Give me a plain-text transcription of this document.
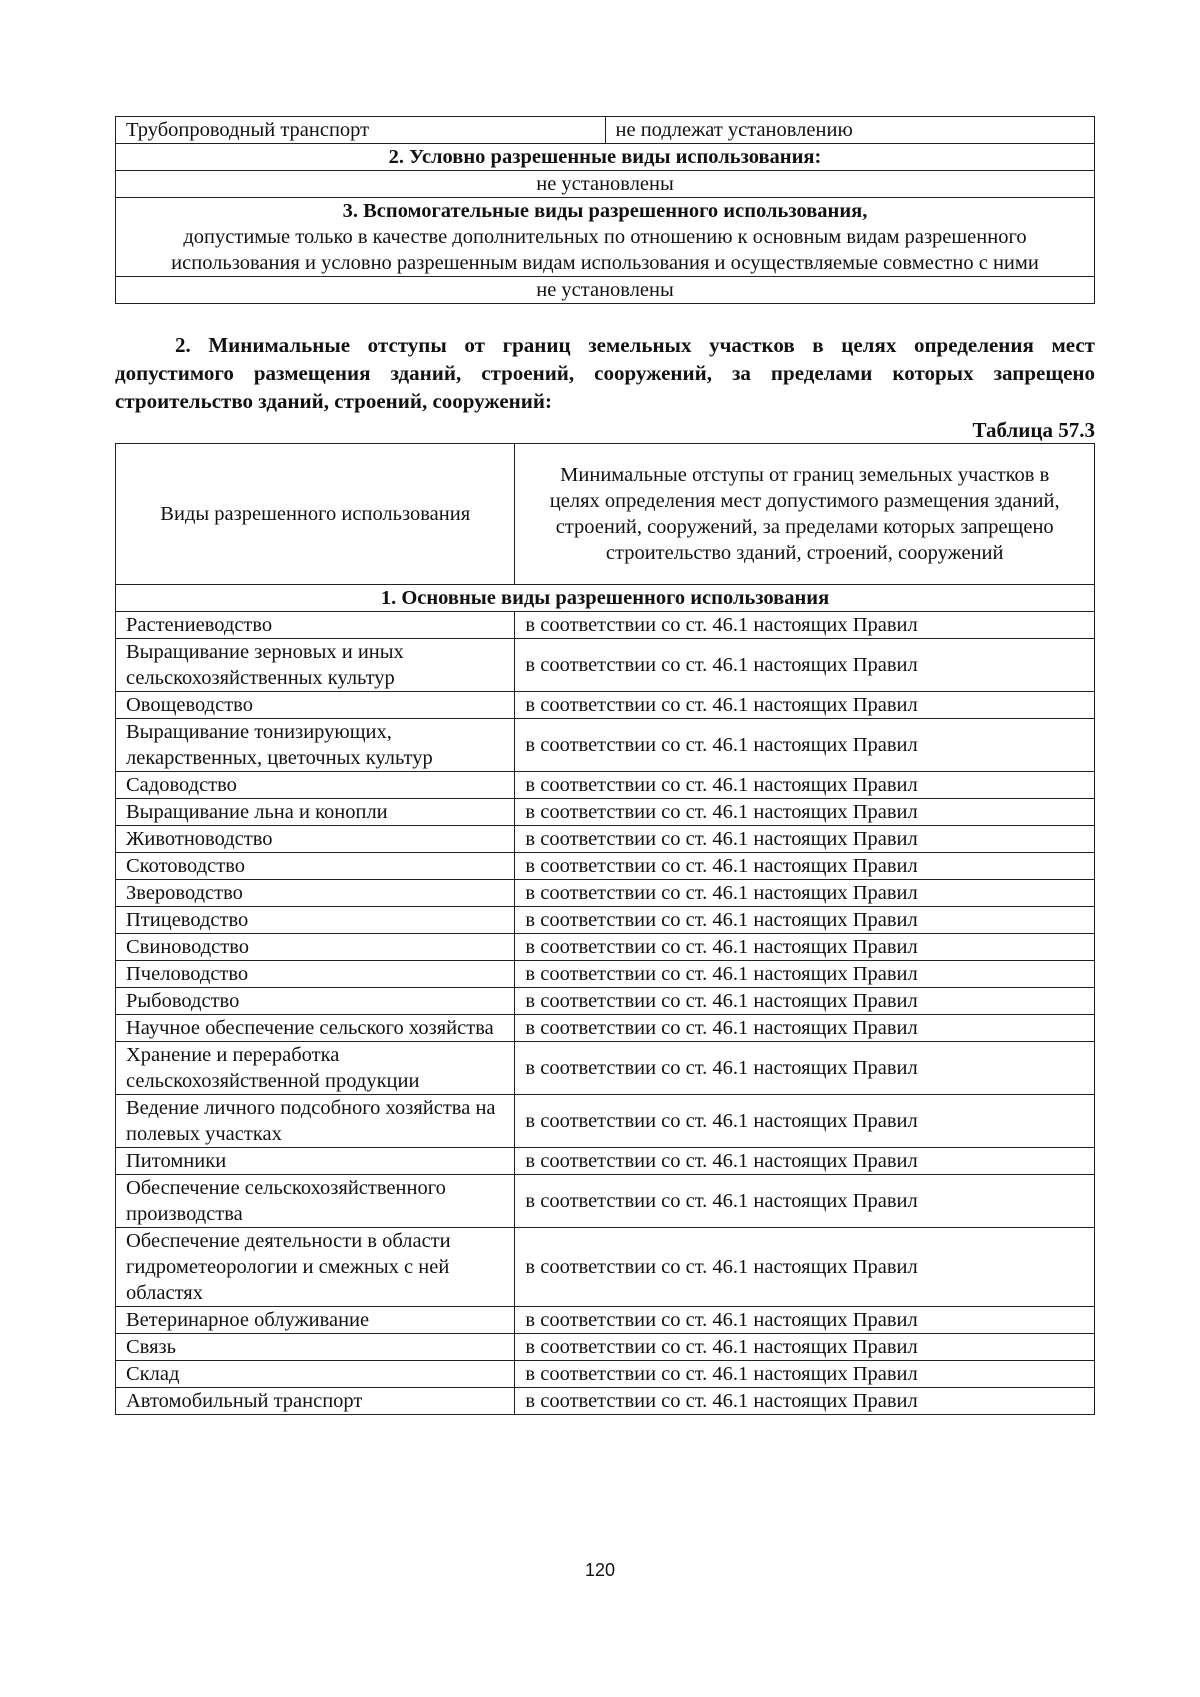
Трубопроводный транспорт	не подлежат установлению
2. Условно разрешенные виды использования:
не установлены

3. Вспомогательные виды разрешенного использования,
допустимые только в качестве дополнительных по отношению к основным видам разрешенного использования и условно разрешенным видам использования и осуществляемые совместно с ними

не установлены

2. Минимальные отступы от границ земельных участков в целях определения мест допустимого размещения зданий, строений, сооружений, за пределами которых запрещено строительство зданий, строений, сооружений:

Таблица 57.3
Виды разрешенного использования	Минимальные отступы от границ земельных участков в целях определения мест допустимого размещения зданий, строений, сооружений, за пределами которых запрещено строительство зданий, строений, сооружений
1. Основные виды разрешенного использования	
Растениеводство	в соответствии со ст. 46.1 настоящих Правил
Выращивание зерновых и иных сельскохозяйственных культур	в соответствии со ст. 46.1 настоящих Правил
Овощеводство	в соответствии со ст. 46.1 настоящих Правил
Выращивание тонизирующих, лекарственных, цветочных культур	в соответствии со ст. 46.1 настоящих Правил
Садоводство	в соответствии со ст. 46.1 настоящих Правил
Выращивание льна и конопли	в соответствии со ст. 46.1 настоящих Правил
Животноводство	в соответствии со ст. 46.1 настоящих Правил
Скотоводство	в соответствии со ст. 46.1 настоящих Правил
Звероводство	в соответствии со ст. 46.1 настоящих Правил
Птицеводство	в соответствии со ст. 46.1 настоящих Правил
Свиноводство	в соответствии со ст. 46.1 настоящих Правил
Пчеловодство	в соответствии со ст. 46.1 настоящих Правил
Рыбоводство	в соответствии со ст. 46.1 настоящих Правил
Научное обеспечение сельского хозяйства	в соответствии со ст. 46.1 настоящих Правил
Хранение и переработка сельскохозяйственной продукции	в соответствии со ст. 46.1 настоящих Правил
Ведение личного подсобного хозяйства на полевых участках	в соответствии со ст. 46.1 настоящих Правил
Питомники	в соответствии со ст. 46.1 настоящих Правил
Обеспечение сельскохозяйственного производства	в соответствии со ст. 46.1 настоящих Правил
Обеспечение деятельности в области гидрометеорологии и смежных с ней областях	в соответствии со ст. 46.1 настоящих Правил
Ветеринарное облуживание	в соответствии со ст. 46.1 настоящих Правил
Связь	в соответствии со ст. 46.1 настоящих Правил
Склад	в соответствии со ст. 46.1 настоящих Правил
Автомобильный транспорт	в соответствии со ст. 46.1 настоящих Правил
120
